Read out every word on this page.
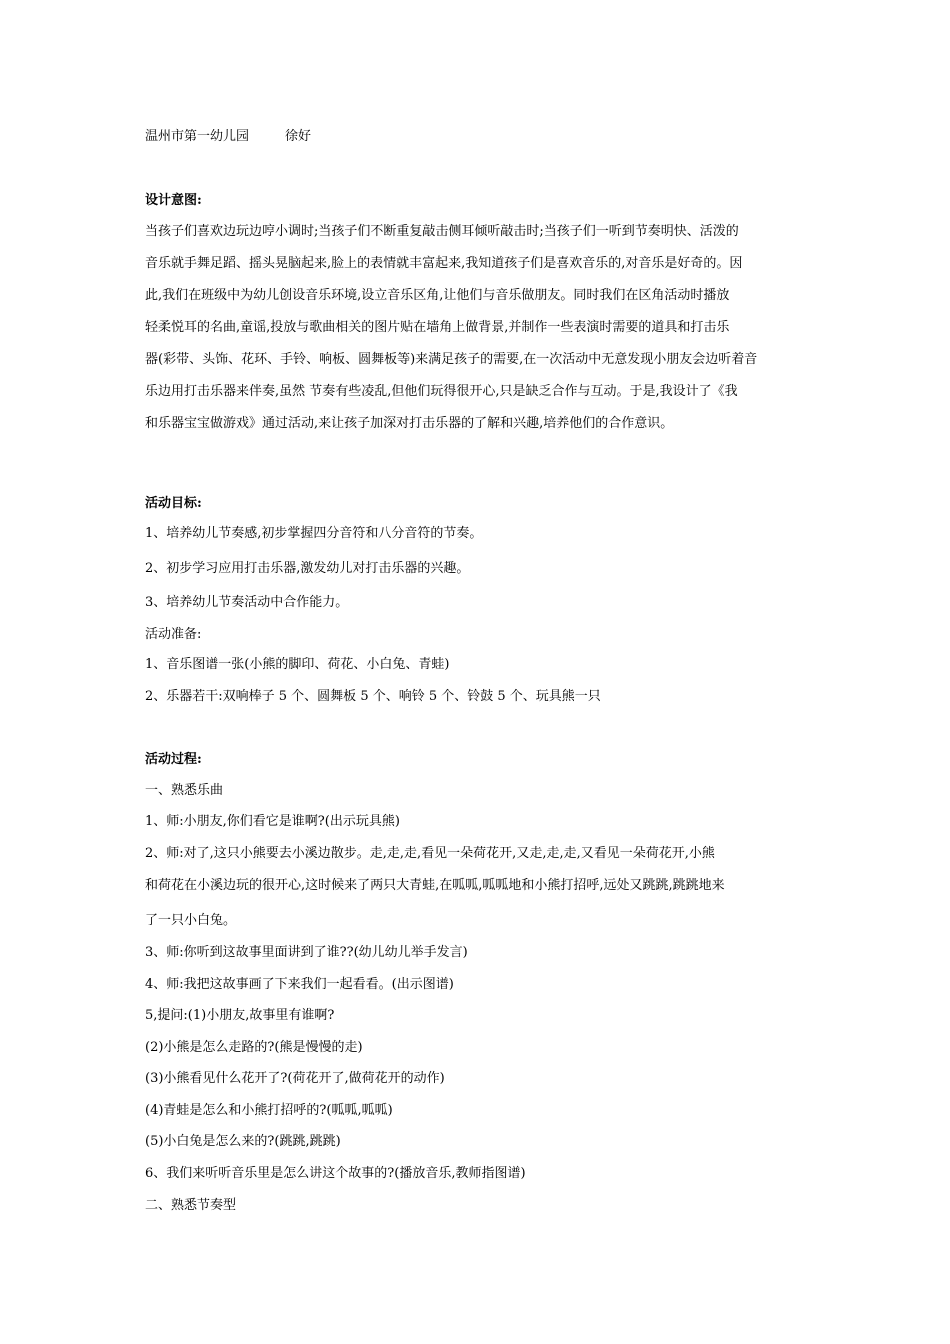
温州市第一幼儿园	徐好
设计意图:
当孩子们喜欢边玩边哼小调时;当孩子们不断重复敲击侧耳倾听敲击时;当孩子们一听到节奏明快、活泼的
音乐就手舞足蹈、摇头晃脑起来,脸上的表情就丰富起来,我知道孩子们是喜欢音乐的,对音乐是好奇的。因
此,我们在班级中为幼儿创设音乐环境,设立音乐区角,让他们与音乐做朋友。同时我们在区角活动时播放
轻柔悦耳的名曲,童谣,投放与歌曲相关的图片贴在墙角上做背景,并制作一些表演时需要的道具和打击乐
器(彩带、头饰、花环、手铃、响板、圆舞板等)来满足孩子的需要,在一次活动中无意发现小朋友会边听着音
乐边用打击乐器来伴奏,虽然 节奏有些凌乱,但他们玩得很开心,只是缺乏合作与互动。于是,我设计了《我
和乐器宝宝做游戏》通过活动,来让孩子加深对打击乐器的了解和兴趣,培养他们的合作意识。
活动目标:
1、培养幼儿节奏感,初步掌握四分音符和八分音符的节奏。
2、初步学习应用打击乐器,激发幼儿对打击乐器的兴趣。
3、培养幼儿节奏活动中合作能力。
活动准备:
1、音乐图谱一张(小熊的脚印、荷花、小白兔、青蛙)
2、乐器若干:双响棒子 5 个、圆舞板 5 个、响铃 5 个、铃鼓 5 个、玩具熊一只
活动过程:
一、熟悉乐曲
1、师:小朋友,你们看它是谁啊?(出示玩具熊)
2、师:对了,这只小熊要去小溪边散步。走,走,走,看见一朵荷花开,又走,走,走,又看见一朵荷花开,小熊
和荷花在小溪边玩的很开心,这时候来了两只大青蛙,在呱呱,呱呱地和小熊打招呼,远处又跳跳,跳跳地来
了一只小白兔。
3、师:你听到这故事里面讲到了谁??(幼儿幼儿举手发言)
4、师:我把这故事画了下来我们一起看看。(出示图谱)
5,提问:(1)小朋友,故事里有谁啊?
(2)小熊是怎么走路的?(熊是慢慢的走)
(3)小熊看见什么花开了?(荷花开了,做荷花开的动作)
(4)青蛙是怎么和小熊打招呼的?(呱呱,呱呱)
(5)小白兔是怎么来的?(跳跳,跳跳)
6、我们来听听音乐里是怎么讲这个故事的?(播放音乐,教师指图谱)
二、熟悉节奏型
